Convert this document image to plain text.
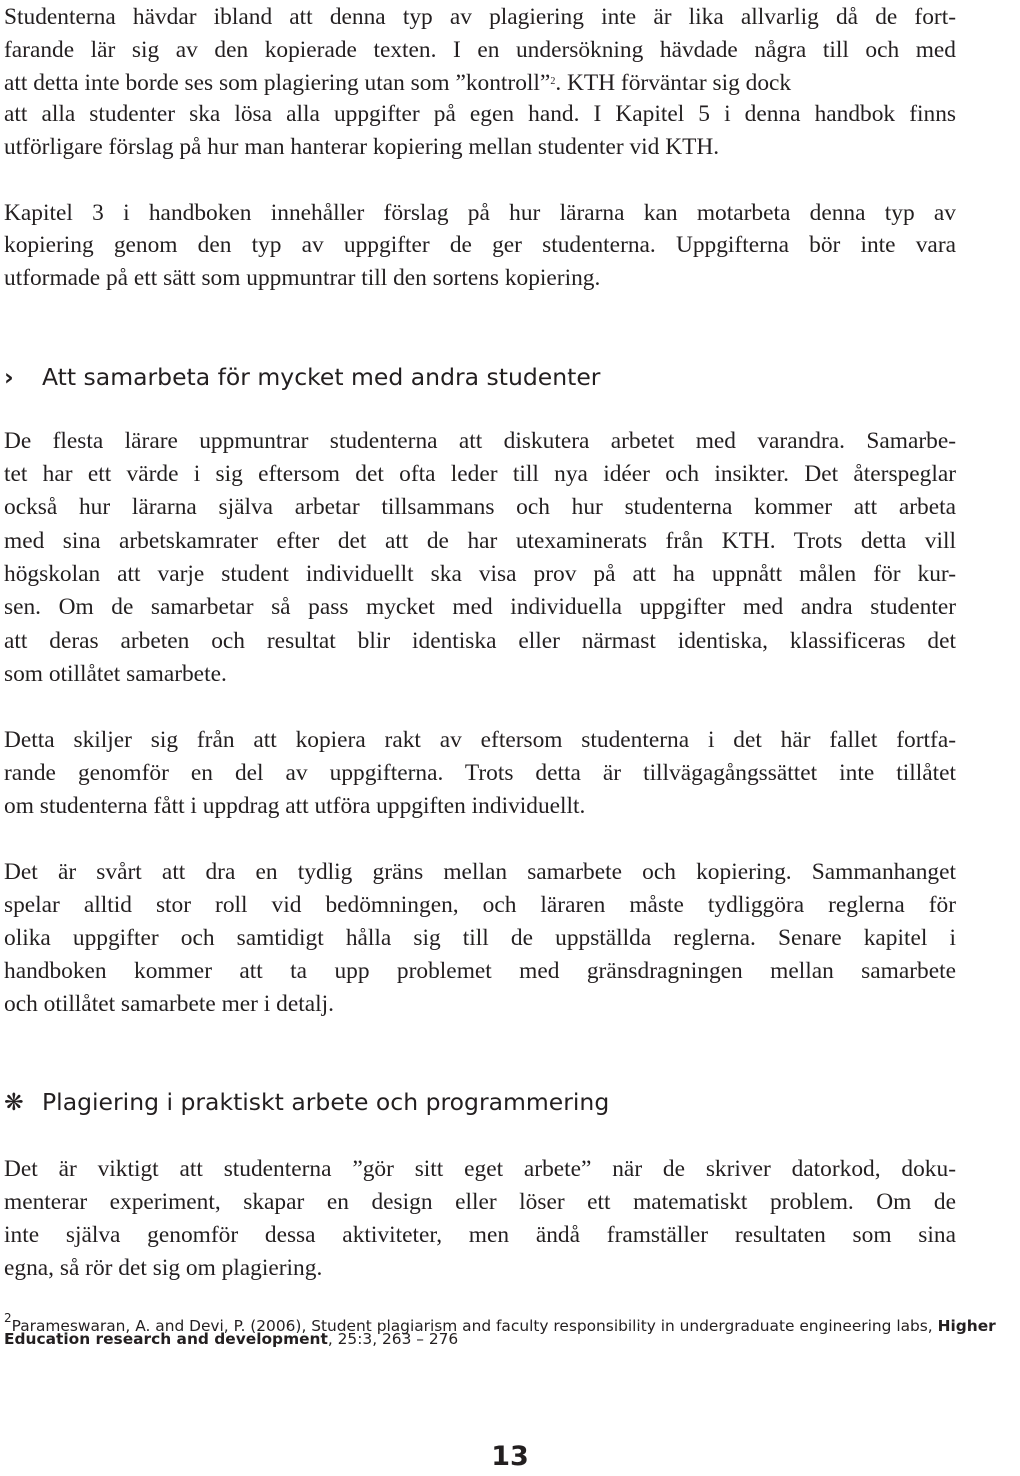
Studenterna hävdar ibland att denna typ av plagiering inte är lika allvarlig då de fort-
farande lär sig av den kopierade texten. I en undersökning hävdade några till och med
att detta inte borde ses som plagiering utan som ”kontroll”$^2$. KTH förväntar sig dock
att alla studenter ska lösa alla uppgifter på egen hand. I Kapitel 5 i denna handbok finns
utförligare förslag på hur man hanterar kopiering mellan studenter vid KTH.
Kapitel 3 i handboken innehåller förslag på hur lärarna kan motarbeta denna typ av
kopiering genom den typ av uppgifter de ger studenterna. Uppgifterna bör inte vara
utformade på ett sätt som uppmuntrar till den sortens kopiering.
› Att samarbeta för mycket med andra studenter
De flesta lärare uppmuntrar studenterna att diskutera arbetet med varandra. Samarbe-
tet har ett värde i sig eftersom det ofta leder till nya idéer och insikter. Det återspeglar
också hur lärarna själva arbetar tillsammans och hur studenterna kommer att arbeta
med sina arbetskamrater efter det att de har utexaminerats från KTH. Trots detta vill
högskolan att varje student individuellt ska visa prov på att ha uppnått målen för kur-
sen. Om de samarbetar så pass mycket med individuella uppgifter med andra studenter
att deras arbeten och resultat blir identiska eller närmast identiska, klassificeras det
som otillåtet samarbete.
Detta skiljer sig från att kopiera rakt av eftersom studenterna i det här fallet fortfa-
rande genomför en del av uppgifterna. Trots detta är tillvägagångssättet inte tillåtet
om studenterna fått i uppdrag att utföra uppgiften individuellt.
Det är svårt att dra en tydlig gräns mellan samarbete och kopiering. Sammanhanget
spelar alltid stor roll vid bedömningen, och läraren måste tydliggöra reglerna för
olika uppgifter och samtidigt hålla sig till de uppställda reglerna. Senare kapitel i
handboken kommer att ta upp problemet med gränsdragningen mellan samarbete
och otillåtet samarbete mer i detalj.
❋ Plagiering i praktiskt arbete och programmering
Det är viktigt att studenterna ”gör sitt eget arbete” när de skriver datorkod, doku-
menterar experiment, skapar en design eller löser ett matematiskt problem. Om de
inte själva genomför dessa aktiviteter, men ändå framställer resultaten som sina
egna, så rör det sig om plagiering.
$^2$Parameswaran, A. and Devi, P. (2006), Student plagiarism and faculty responsibility in undergraduate engineering labs, Higher
Education research and development, 25:3, 263 – 276
13
